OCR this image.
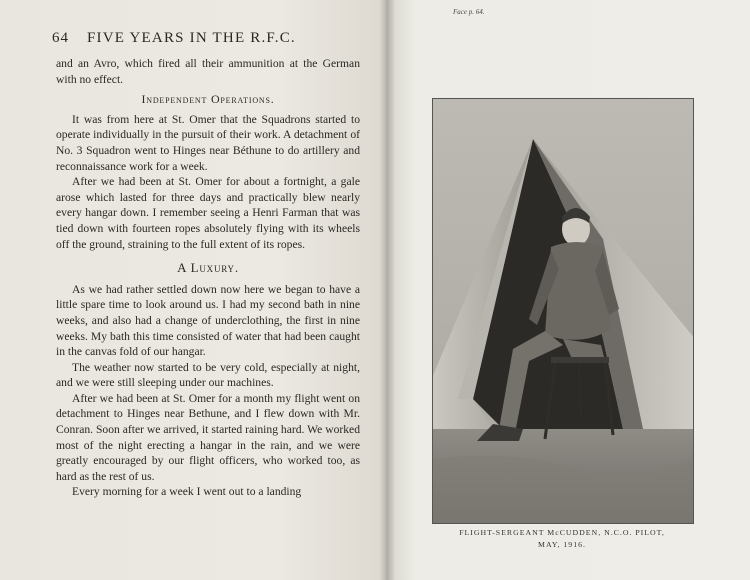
64 FIVE YEARS IN THE R.F.C.

and an Avro, which fired all their ammunition at the German with no effect.

Independent Operations.

It was from here at St. Omer that the Squadrons started to operate individually in the pursuit of their work. A detachment of No. 3 Squadron went to Hinges near Béthune to do artillery and reconnaissance work for a week.

After we had been at St. Omer for about a fortnight, a gale arose which lasted for three days and practically blew nearly every hangar down. I remember seeing a Henri Farman that was tied down with fourteen ropes absolutely flying with its wheels off the ground, straining to the full extent of its ropes.

A Luxury.

As we had rather settled down now here we began to have a little spare time to look around us. I had my second bath in nine weeks, and also had a change of underclothing, the first in nine weeks. My bath this time consisted of water that had been caught in the canvas fold of our hangar.

The weather now started to be very cold, especially at night, and we were still sleeping under our machines.

After we had been at St. Omer for a month my flight went on detachment to Hinges near Bethune, and I flew down with Mr. Conran. Soon after we arrived, it started raining hard. We worked most of the night erecting a hangar in the rain, and we were greatly encouraged by our flight officers, who worked too, as hard as the rest of us.

Every morning for a week I went out to a landing

Face p. 64.
FLIGHT-SERGEANT McCUDDEN, N.C.O. PILOT,
MAY, 1916.
